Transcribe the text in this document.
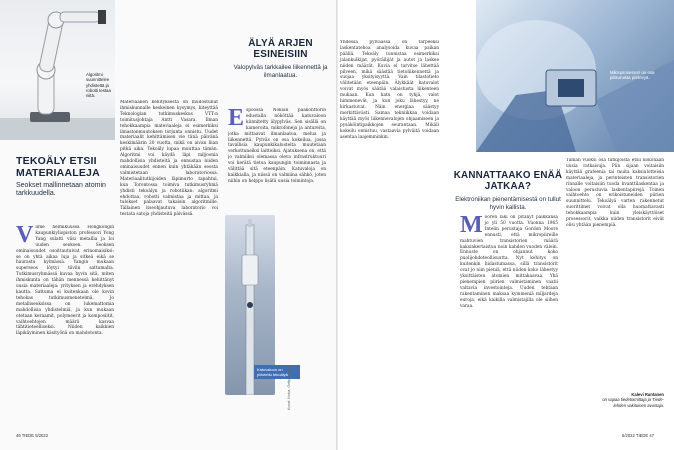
Algoritmi suunnittelee yhdistettä ja robotti testaa niitä.
TEKOÄLY ETSII MATERIAALEJA
Seokset mallinnetaan atomin tarkkuudella.
V iime helmikuussa Hongkongin kaupunkiyliopiston professori Yong Yang sulatti viisi metallia ja loi uuden seoksen. Seoksen ominaisuudet osoittautuivat erinomaisiksi: se on yhtä aikaa luja ja sitkeä eikä se haurastu kylmässä. Yangin mukaan superseos löytyi tiiviin sattumalta. Tutkimusryhmässä kuvaa hyvin sitä, miten ihmiskunta on tähän mennessä kehittänyt uusia materiaaleja: yrityksen ja erehdyksen kautta. Sattuma ei kuitenkaan ole kovin tehokas tutkimusmenetelmä. Jo metalliseoksissa on lukemattomia mahdollisia yhdistelmiä, ja kun mukaan otetaan keraamit, polymeerit ja komposiitit, vaihtoehtojen määrä kasvaa tähtitieteelliseksi. Niiden kaikkien läpikäyminen käsityönä on mahdotonta.

Materiaalien kehityksestä on mudostunut ihmiskunnalle keskeinen kysymys, kiteyttää Teknologian tutkimuskeskus VTT:n toimitusjohtaja Antti Vasara. Ilman tehokkaampia materiaaleja ei esimerkiksi ilmastonmuutoksen torjunta onnistu. Uudet materiaalit kehittämisen vie tänä päivänä keskimäärin 20 vuotta, mikä on aivan liian pitkä aika. Tekoäly lupaa muuttaa tämän. Algoritmi voi käydä läpi miljoonia mahdollisia yhdisteitä ja ennustaa niiden ominaisuudet ennen kuin yhtäkään seosta valmistetaan laboratoriossa. Materiaalitutkijoiden läpimurto tapahtui, kun Torontossa toimiva tutkimusryhmä yhdisti tekoälyn ja robotiikan: algoritmi ehdottaa, robotti valmistaa ja mittaa, ja tulokset palaavat takaisin algoritmille. Tällainen itseohjautuva laboratorio voi testata satoja yhdisteitä päivässä.

ÄLYÄ ARJEN
ESINEISIIN
Valopylväs tarkkailee liikennettä ja ilmanlaatua.
E spoossa Nokian pääkonttorin edustalla nököttää katuvaloon kiinnitetty älypylväs. Sen sisällä on kameroita, mikrofoneja ja antureita, jotka mittaavat ilmanlaatua, melua ja liikennettä. Pylväs on osa kokeilua, jossa tavallisia kaupunkikalusteita muutetaan verkottuneiksi laitteiksi. Ajatuksena on, että jo valmiiksi olemassa oleva infrastruktuuri voi kerätä tietoa kaupungin toiminnasta ja välittää sitä eteenpäin. Katuvaloja on kaikkialla, ja niissä on valmiina sähkö, joten niihin on helppo lisätä uusia toimintoja.
Katuvaloon on piilotettu tekoälyä.
Kuvat: Nokia, Getty Images

Yhdessä pylväässä on tarpeeksi laskentatehoa analysoida kuvaa paikan päällä. Tekoäly tunnistaa esimerkiksi jalankulkijat, pyöräilijät ja autot ja laskee niiden määrät. Kuvia ei tarvitse lähettää pilveen, mikä säästää tietoliikennettä ja suojaa yksityisyyttä. Vain tilastotieto välitetään eteenpäin. Älykkäät katuvalot voivat myös säätää valaistusta liikenteen mukaan. Kun katu on tyhjä, valot himmenevät, ja kun joku lähestyy, ne kirkastuvat. Näin energiaa säästyy merkittävästi. Samaa tekniikkaa voidaan käyttää myös liikennevalojen ohjaamiseen ja pysäköintipaikkojen seurantaan. Mikäli kokeilu onnistuu, vastaavia pylväitä voidaan asentaa laajemminkin.

Mikroprosessori on osa pikkuruista piirilevyä.
KANNATTAAKO ENÄÄ JATKAA?
Elektroniikan pienentämisestä on tullut hyvin kallista.
M ooren laki on pitänyt paikkansa jo yli 50 vuotta. Vuonna 1965 Intelin perustaja Gordon Moore ennusti, että mikropiireille mahtuvien transistorien määrä kaksinkertaistuu noin kahden vuoden välein. Ennuste on ohjannut koko puolijohdeteollisuutta. Nyt kehitys on kuitenkin hidastumassa, sillä transistorit ovat jo niin pieniä, että niiden koko lähestyy yksittäisten atomien mittakaavaa. Yhä pienempien piirien valmistaminen vaatii valtavia investointeja. Uuden tehtaan rakentaminen maksaa kymmeniä miljardeja euroja, eikä kaikilla valmistajilla ole siihen varaa.

Tämän vuoksi osa tutkijoista etsii kokonaan uusia ratkaisuja. Piin sijaan voitaisiin käyttää grafeenia tai muita kaksiulotteisia materiaaleja, ja perinteisten transistorien rinnalle voitaisiin tuoda kvanttilaskentaa ja valoon perustuvia laskentapiirejä. Toinen vaihtoehto on erikoistuneiden piirien suunnittelu. Tekoälyä varten rakennetut suorittimet voivat olla huomattavasti tehokkaampia kuin yleiskäyttöiset prosessorit, vaikka niiden transistorit eivät olisi yhtään pienempiä.

Kalevi Rantanen
on vapaa tiedetoimittaja ja Tiede-lehden vakituinen avustaja.
46 TIEDE 5/2022	5/2022 TIEDE 47
